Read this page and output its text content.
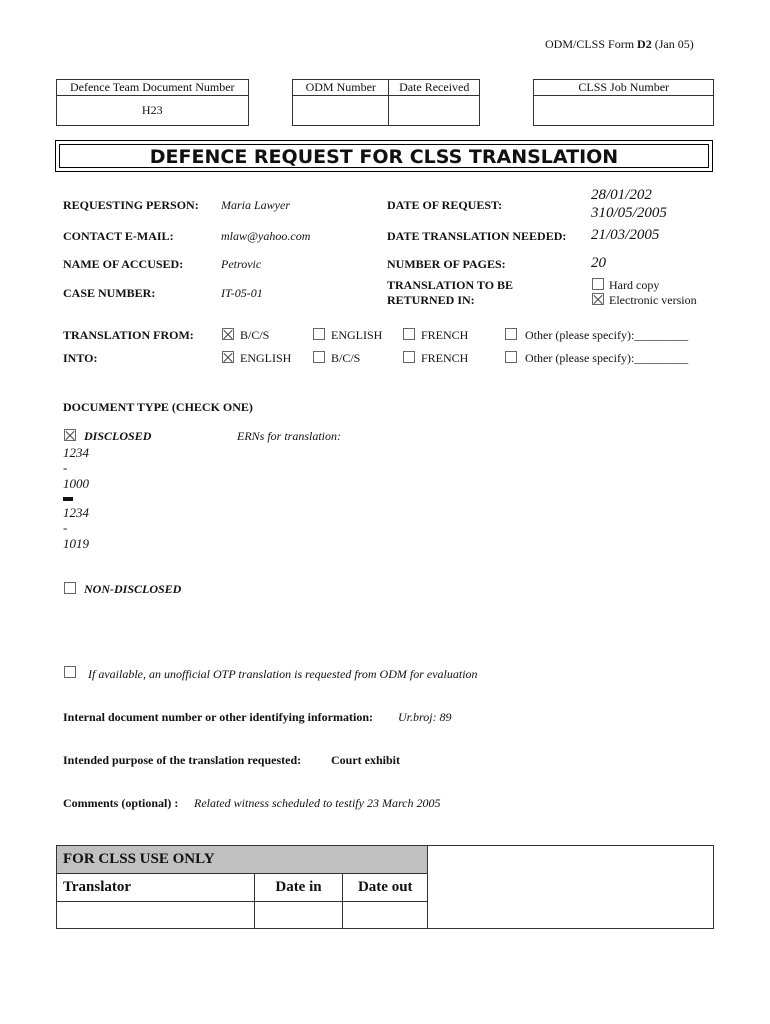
ODM/CLSS Form D2 (Jan 05)
Defence Team Document Number		ODM Number	Date Received		CLSS Job Number
H23					
DEFENCE REQUEST FOR CLSS TRANSLATION
REQUESTING PERSON: Maria Lawyer
CONTACT E-MAIL:	mlaw@yahoo.com
NAME OF ACCUSED:	Petrovic
CASE NUMBER:	IT-05-01
DATE OF REQUEST:
28/01/202
310/05/2005
DATE TRANSLATION NEEDED: 21/03/2005
NUMBER OF PAGES:	20
TRANSLATION TO BE
RETURNED IN:
Hard copy
Electronic version
TRANSLATION FROM:	B/C/S	ENGLISH	FRENCH	Other (please specify):_________
INTO:	ENGLISH	B/C/S	FRENCH	Other (please specify):_________
DOCUMENT TYPE (CHECK ONE)
DISCLOSED	ERNs for translation:
1234
-
1000
1234
-
1019
NON-DISCLOSED
If available, an unofficial OTP translation is requested from ODM for evaluation
Internal document number or other identifying information: Ur.broj: 89
Intended purpose of the translation requested: Court exhibit
Comments (optional) : Related witness scheduled to testify 23 March 2005
FOR CLSS USE ONLY			
Translator	Date in	Date out	
